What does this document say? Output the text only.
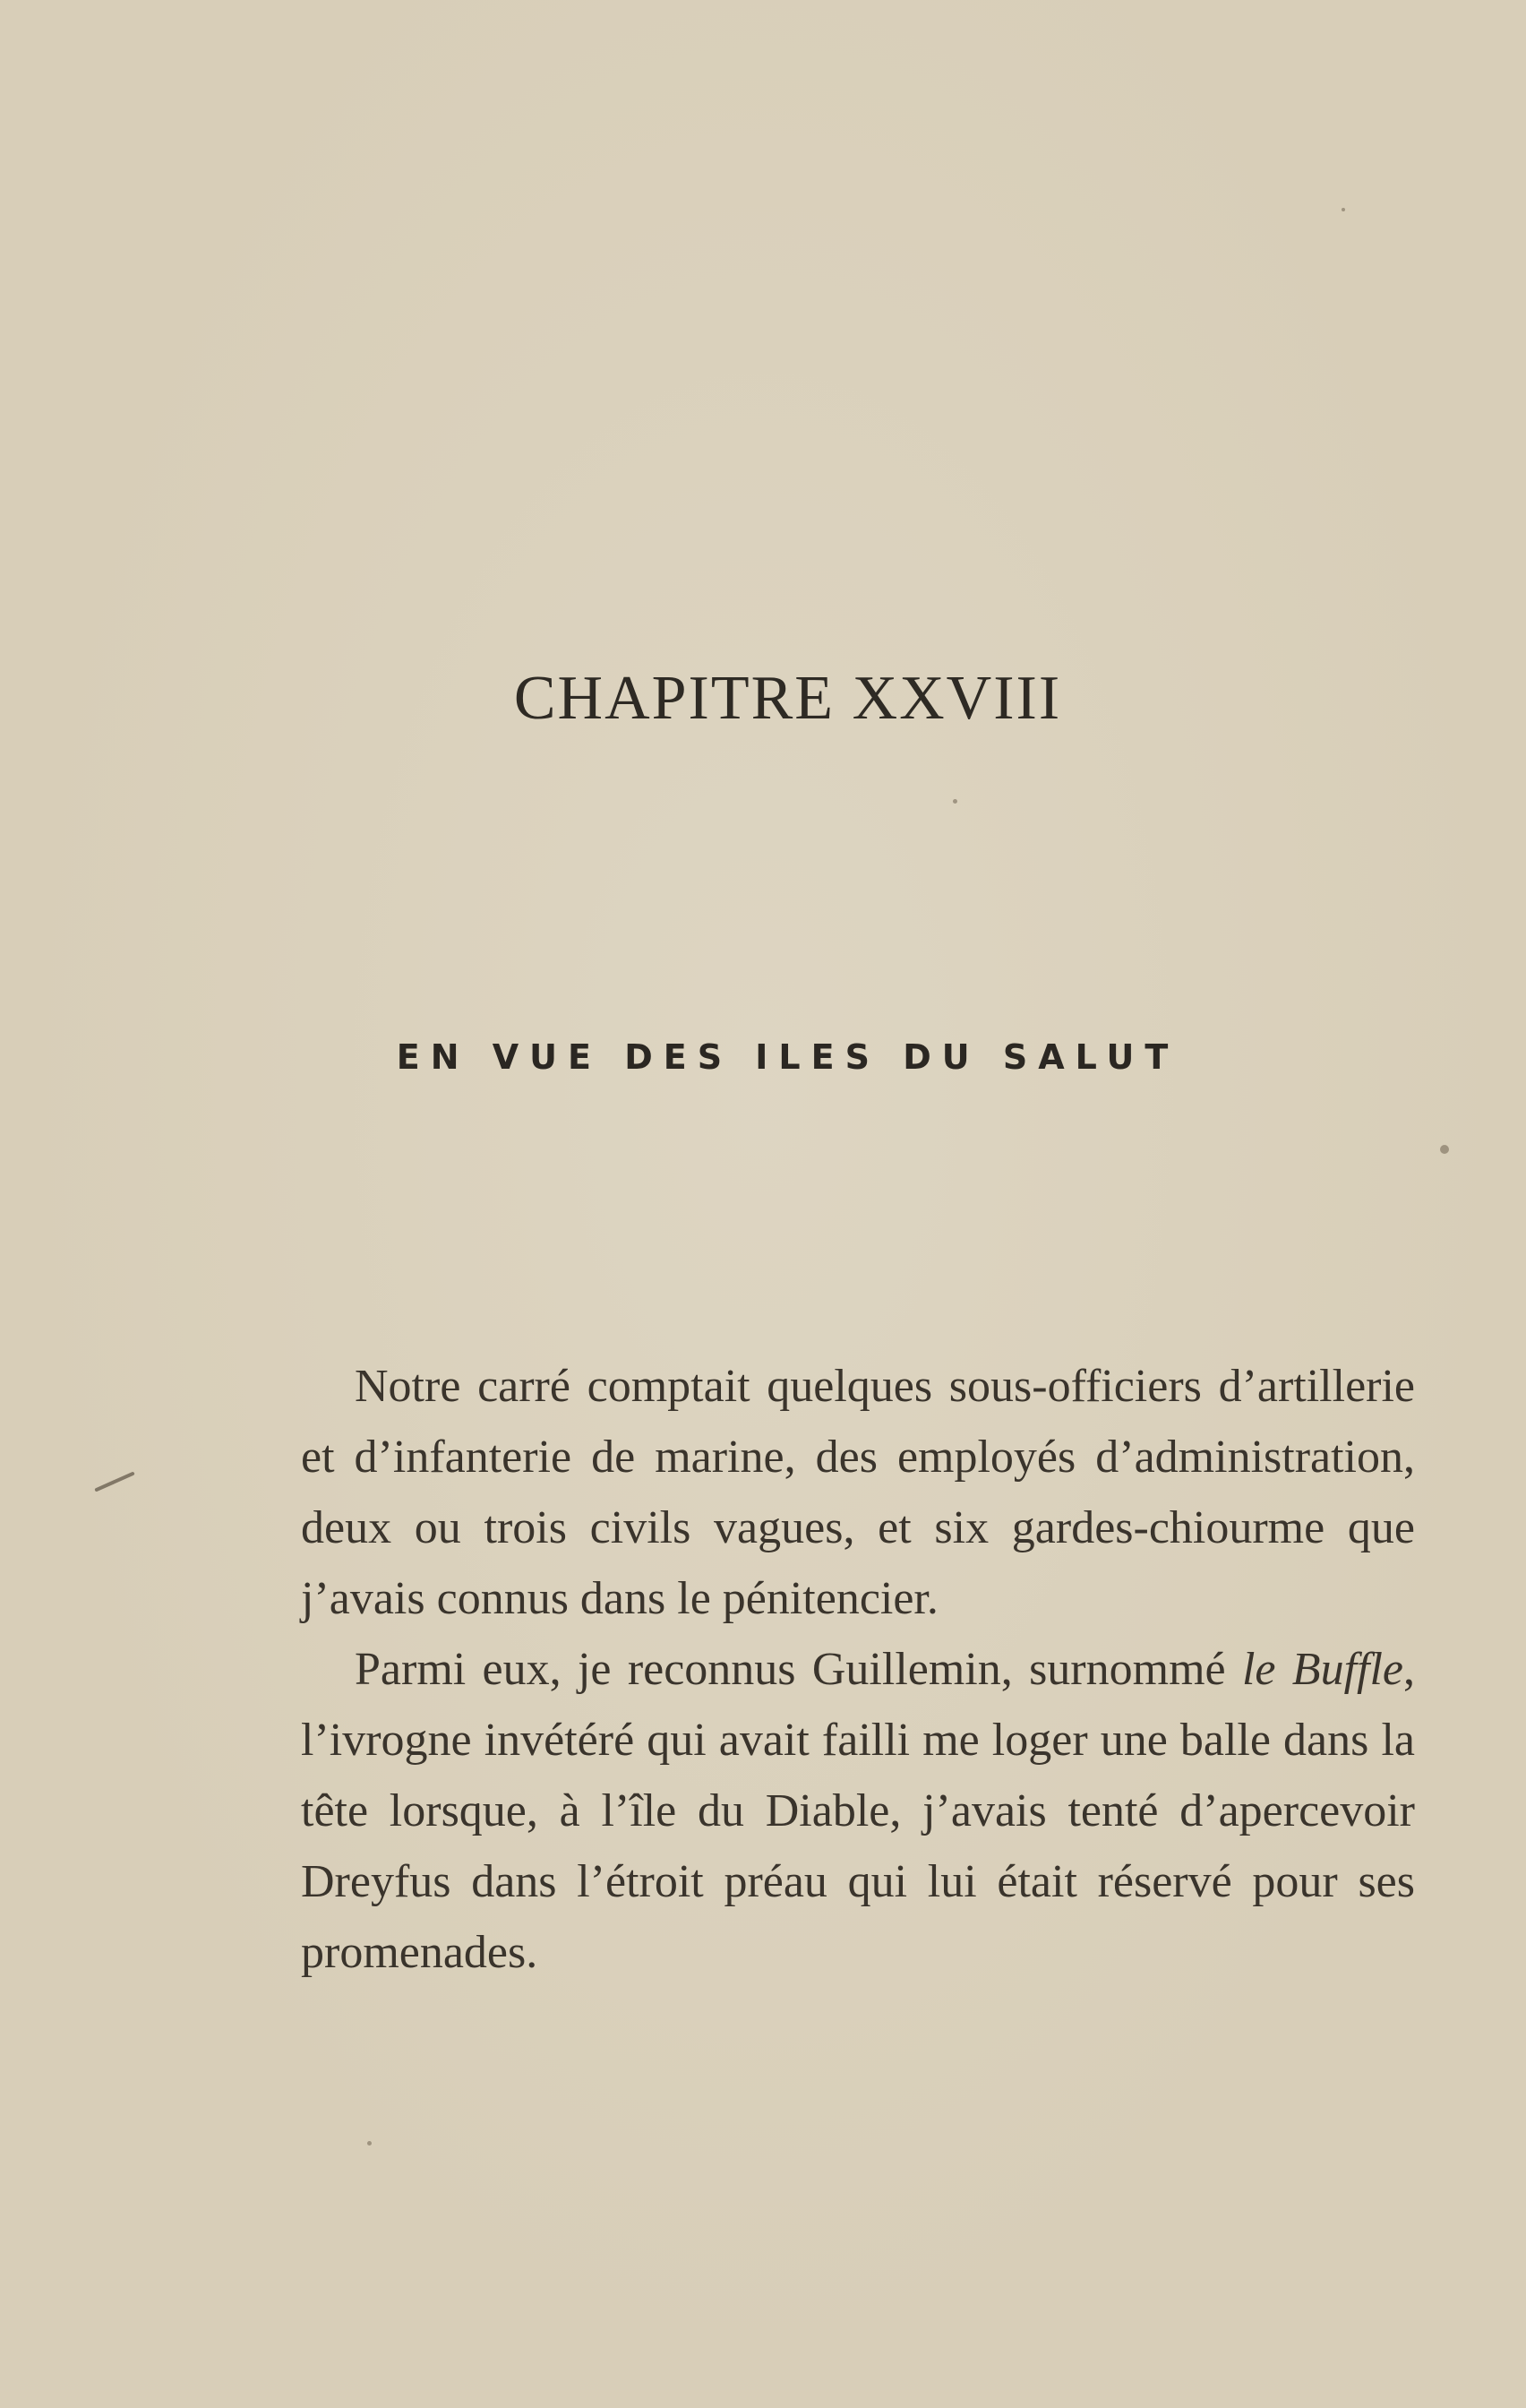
CHAPITRE XXVIII
EN VUE DES ILES DU SALUT

Notre carré comptait quelques sous-officiers d’artillerie et d’infanterie de marine, des employés d’administration, deux ou trois civils vagues, et six gardes-chiourme que j’avais connus dans le pénitencier.

Parmi eux, je reconnus Guillemin, surnommé le Buffle, l’ivrogne invétéré qui avait failli me loger une balle dans la tête lorsque, à l’île du Diable, j’avais tenté d’apercevoir Dreyfus dans l’étroit préau qui lui était réservé pour ses promenades.
